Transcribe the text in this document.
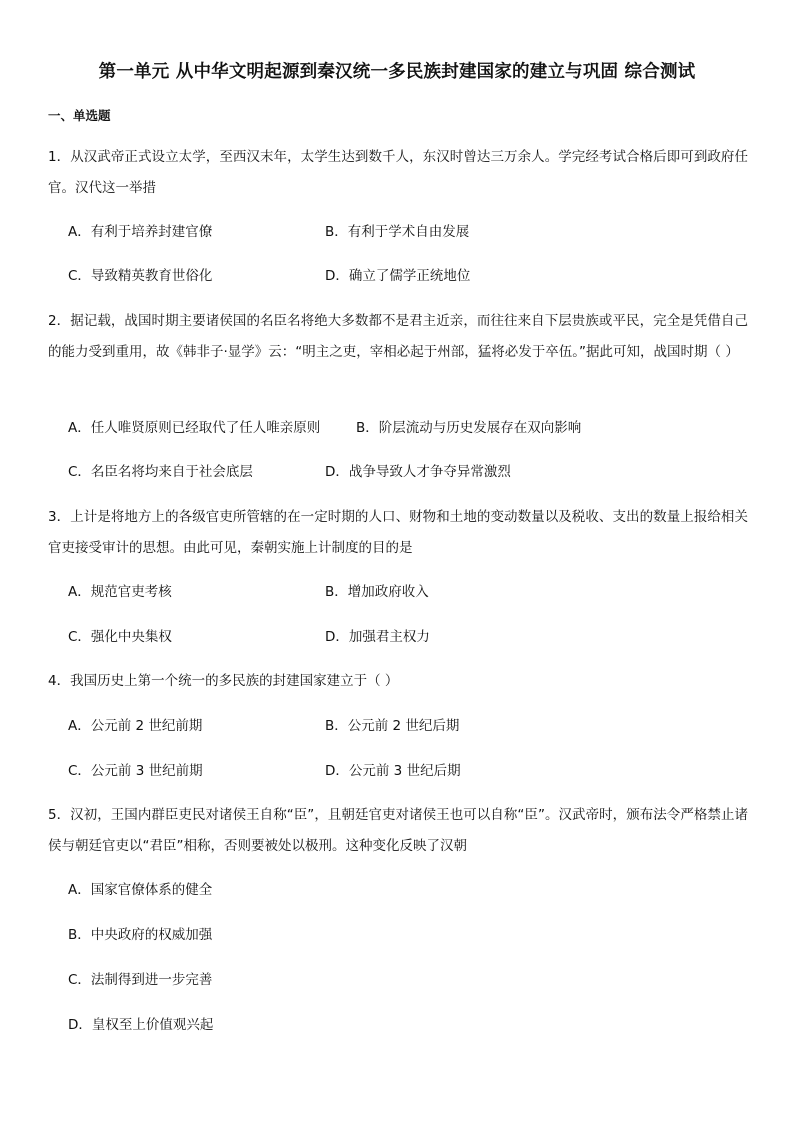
第一单元 从中华文明起源到秦汉统一多民族封建国家的建立与巩固 综合测试
一、单选题
1．从汉武帝正式设立太学，至西汉末年，太学生达到数千人，东汉时曾达三万余人。学完经考试合格后即可到政府任官。汉代这一举措
A．有利于培养封建官僚	B．有利于学术自由发展
C．导致精英教育世俗化	D．确立了儒学正统地位
2．据记载，战国时期主要诸侯国的名臣名将绝大多数都不是君主近亲，而往往来自下层贵族或平民，完全是凭借自己的能力受到重用，故《韩非子·显学》云：“明主之吏，宰相必起于州部，猛将必发于卒伍。”据此可知，战国时期（ ）
A．任人唯贤原则已经取代了任人唯亲原则	B．阶层流动与历史发展存在双向影响
C．名臣名将均来自于社会底层	D．战争导致人才争夺异常激烈
3．上计是将地方上的各级官吏所管辖的在一定时期的人口、财物和土地的变动数量以及税收、支出的数量上报给相关官吏接受审计的思想。由此可见，秦朝实施上计制度的目的是
A．规范官吏考核	B．增加政府收入
C．强化中央集权	D．加强君主权力
4．我国历史上第一个统一的多民族的封建国家建立于（ ）
A．公元前 2 世纪前期	B．公元前 2 世纪后期
C．公元前 3 世纪前期	D．公元前 3 世纪后期
5．汉初，王国内群臣吏民对诸侯王自称“臣”，且朝廷官吏对诸侯王也可以自称“臣”。汉武帝时，颁布法令严格禁止诸侯与朝廷官吏以“君臣”相称，否则要被处以极刑。这种变化反映了汉朝
A．国家官僚体系的健全
B．中央政府的权威加强
C．法制得到进一步完善
D．皇权至上价值观兴起
